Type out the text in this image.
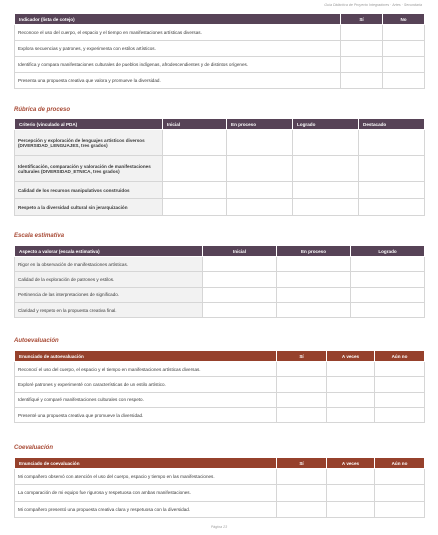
Guía Didáctica de Proyecto Integradores · Artes · Secundaria
Indicador (lista de cotejo)	Sí	No
Reconoce el uso del cuerpo, el espacio y el tiempo en manifestaciones artísticas diversas.		
Explora secuencias y patrones, y experimenta con estilos artísticos.		
Identifica y compara manifestaciones culturales de pueblos indígenas, afrodescendientes y de distintos orígenes.		
Presenta una propuesta creativa que valora y promueve la diversidad.		
Rúbrica de proceso
Criterio (vinculado al PDA)	Inicial	En proceso	Logrado	Destacado
Percepción y exploración de lenguajes artísticos diversos (DIVERSIDAD_LENGUAJES, tres grados)				
Identificación, comparación y valoración de manifestaciones culturales (DIVERSIDAD_ETNICA, tres grados)				
Calidad de los recursos manipulativos construidos				
Respeto a la diversidad cultural sin jerarquización				
Escala estimativa
Aspecto a valorar (escala estimativa)	Inicial	En proceso	Logrado
Rigor en la observación de manifestaciones artísticas.			
Calidad de la exploración de patrones y estilos.			
Pertinencia de las interpretaciones de significado.			
Claridad y respeto en la propuesta creativa final.			
Autoevaluación
Enunciado de autoevaluación	Sí	A veces	Aún no
Reconocí el uso del cuerpo, el espacio y el tiempo en manifestaciones artísticas diversas.			
Exploré patrones y experimenté con características de un estilo artístico.			
Identifiqué y comparé manifestaciones culturales con respeto.			
Presenté una propuesta creativa que promueve la diversidad.			
Coevaluación
Enunciado de coevaluación	Sí	A veces	Aún no
Mi compañero observó con atención el uso del cuerpo, espacio y tiempo en las manifestaciones.			
La comparación de mi equipo fue rigurosa y respetuosa con ambas manifestaciones.			
Mi compañero presentó una propuesta creativa clara y respetuosa con la diversidad.			
Página 23
